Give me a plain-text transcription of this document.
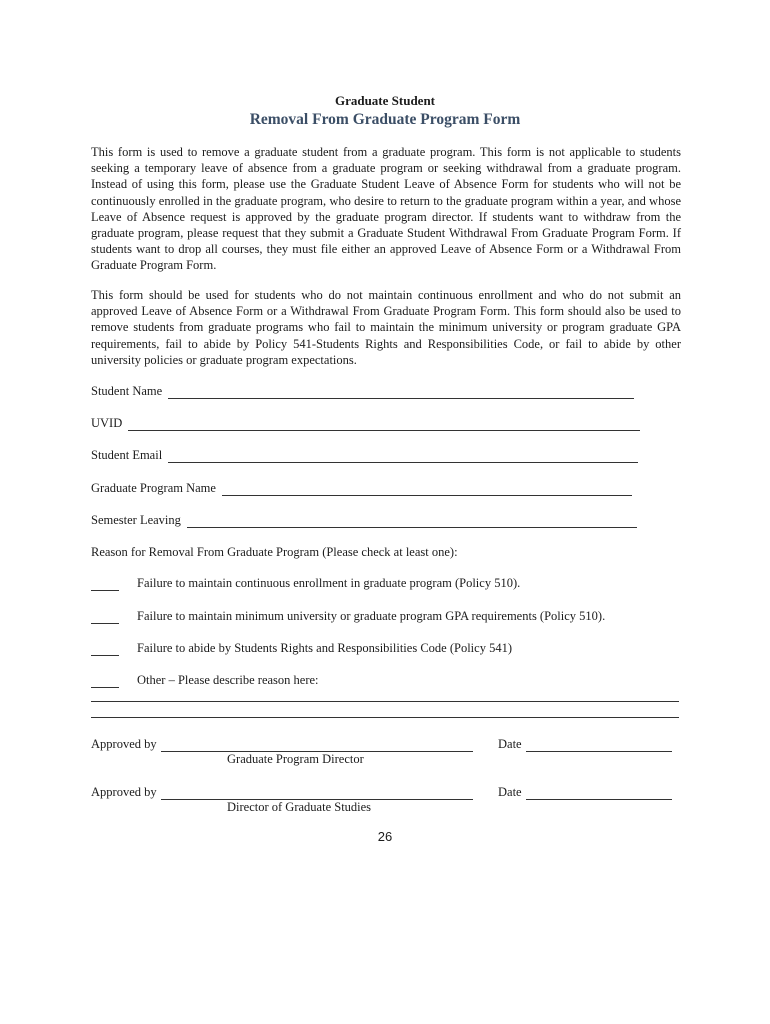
Graduate Student
Removal From Graduate Program Form

This form is used to remove a graduate student from a graduate program. This form is not applicable to students seeking a temporary leave of absence from a graduate program or seeking withdrawal from a graduate program. Instead of using this form, please use the Graduate Student Leave of Absence Form for students who will not be continuously enrolled in the graduate program, who desire to return to the graduate program within a year, and whose Leave of Absence request is approved by the graduate program director. If students want to withdraw from the graduate program, please request that they submit a Graduate Student Withdrawal From Graduate Program Form. If students want to drop all courses, they must file either an approved Leave of Absence Form or a Withdrawal From Graduate Program Form.

This form should be used for students who do not maintain continuous enrollment and who do not submit an approved Leave of Absence Form or a Withdrawal From Graduate Program Form. This form should also be used to remove students from graduate programs who fail to maintain the minimum university or program graduate GPA requirements, fail to abide by Policy 541-Students Rights and Responsibilities Code, or fail to abide by other university policies or graduate program expectations.

Student Name
UVID
Student Email
Graduate Program Name
Semester Leaving
Reason for Removal From Graduate Program (Please check at least one):
Failure to maintain continuous enrollment in graduate program (Policy 510).
Failure to maintain minimum university or graduate program GPA requirements (Policy 510).
Failure to abide by Students Rights and Responsibilities Code (Policy 541)
Other – Please describe reason here:
Approved by	Date
Graduate Program Director
Approved by	Date
Director of Graduate Studies
26
